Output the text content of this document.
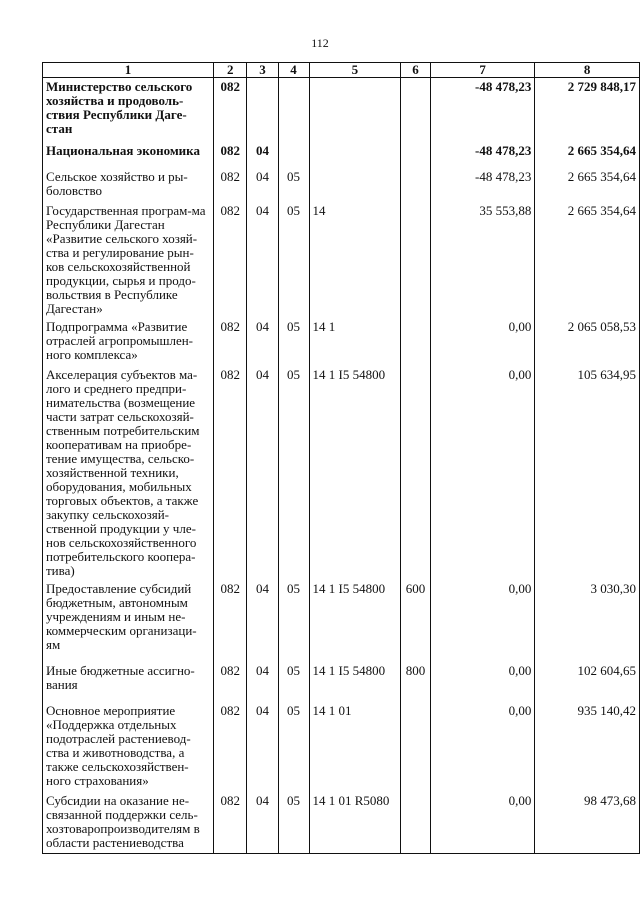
112
1	2	3	4	5	6	7	8
Министерство сельского хозяйства и продоволь-ствия Республики Даге-стан	082					-48 478,23	2 729 848,17
Национальная экономика	082	04				-48 478,23	2 665 354,64
Сельское хозяйство и ры-боловство	082	04	05			-48 478,23	2 665 354,64
Государственная програм-ма Республики Дагестан «Развитие сельского хозяй-ства и регулирование рын-ков сельскохозяйственной продукции, сырья и продо-вольствия в Республике Дагестан»	082	04	05	14		35 553,88	2 665 354,64
Подпрограмма «Развитие отраслей агропромышлен-ного комплекса»	082	04	05	14 1		0,00	2 065 058,53
Акселерация субъектов ма-лого и среднего предпри-нимательства (возмещение части затрат сельскохозяй-ственным потребительским кооперативам на приобре-тение имущества, сельско-хозяйственной техники, оборудования, мобильных торговых объектов, а также закупку сельскохозяй-ственной продукции у чле-нов сельскохозяйственного потребительского коопера-тива)	082	04	05	14 1 I5 54800		0,00	105 634,95
Предоставление субсидий бюджетным, автономным учреждениям и иным не-коммерческим организаци-ям	082	04	05	14 1 I5 54800	600	0,00	3 030,30
Иные бюджетные ассигно-вания	082	04	05	14 1 I5 54800	800	0,00	102 604,65
Основное мероприятие «Поддержка отдельных подотраслей растениевод-ства и животноводства, а также сельскохозяйствен-ного страхования»	082	04	05	14 1 01		0,00	935 140,42
Субсидии на оказание не-связанной поддержки сель-хозтоваропроизводителям в области растениеводства	082	04	05	14 1 01 R5080		0,00	98 473,68
